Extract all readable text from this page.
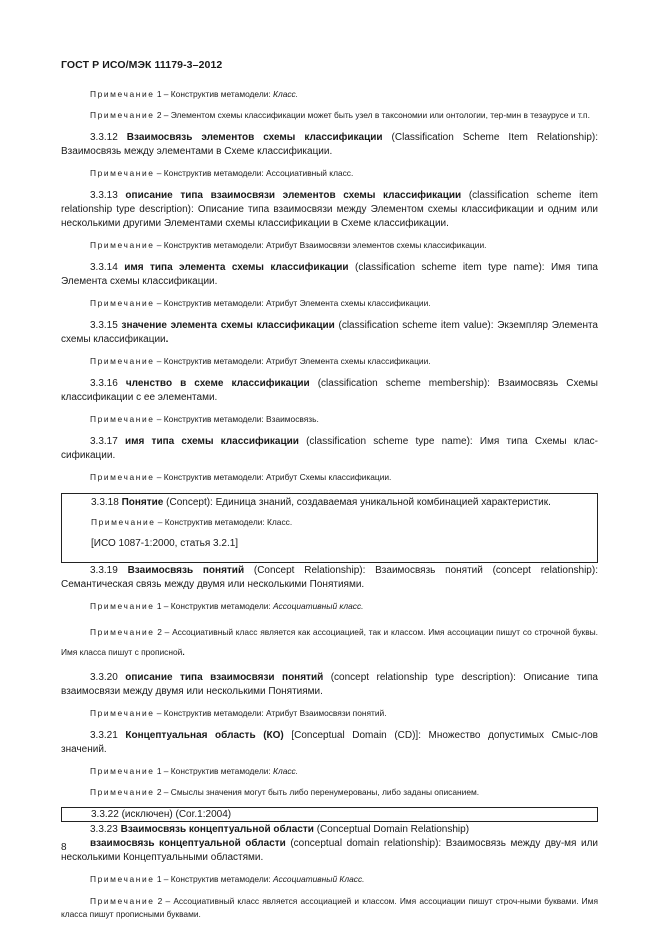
ГОСТ Р ИСО/МЭК 11179-3–2012

Примечание 1 – Конструктив метамодели: Класс.

Примечание 2 – Элементом схемы классификации может быть узел в таксономии или онтологии, тер-мин в тезаурусе и т.п.

3.3.12 Взаимосвязь элементов схемы классификации (Classification Scheme Item Relationship): Взаимосвязь между элементами в Схеме классификации.

Примечание – Конструктив метамодели: Ассоциативный класс.

3.3.13 описание типа взаимосвязи элементов схемы классификации (classification scheme item relationship type description): Описание типа взаимосвязи между Элементом схемы классификации и одним или несколькими другими Элементами схемы классификации в Схеме классификации.

Примечание – Конструктив метамодели: Атрибут Взаимосвязи элементов схемы классификации.

3.3.14 имя типа элемента схемы классификации (classification scheme item type name): Имя типа Элемента схемы классификации.

Примечание – Конструктив метамодели: Атрибут Элемента схемы классификации.

3.3.15 значение элемента схемы классификации (classification scheme item value): Экземпляр Элемента схемы классификации.

Примечание – Конструктив метамодели: Атрибут Элемента схемы классификации.

3.3.16 членство в схеме классификации (classification scheme membership): Взаимосвязь Схемы классификации с ее элементами.

Примечание – Конструктив метамодели: Взаимосвязь.

3.3.17 имя типа схемы классификации (classification scheme type name): Имя типа Схемы клас-сификации.

Примечание – Конструктив метамодели: Атрибут Схемы классификации.

3.3.18 Понятие (Concept): Единица знаний, создаваемая уникальной комбинацией характеристик.

Примечание – Конструктив метамодели: Класс.

[ИСО 1087-1:2000, статья 3.2.1]

3.3.19 Взаимосвязь понятий (Concept Relationship): Взаимосвязь понятий (concept relationship): Семантическая связь между двумя или несколькими Понятиями.

Примечание 1 – Конструктив метамодели: Ассоциативный класс.

Примечание 2 – Ассоциативный класс является как ассоциацией, так и классом. Имя ассоциации пишут со строчной буквы. Имя класса пишут с прописной.

3.3.20 описание типа взаимосвязи понятий (concept relationship type description): Описание типа взаимосвязи между двумя или несколькими Понятиями.

Примечание – Конструктив метамодели: Атрибут Взаимосвязи понятий.

3.3.21 Концептуальная область (КО) [Conceptual Domain (CD)]: Множество допустимых Смыс-лов значений.

Примечание 1 – Конструктив метамодели: Класс.

Примечание 2 – Смыслы значения могут быть либо перенумерованы, либо заданы описанием.

3.3.22 (исключен) (Cor.1:2004)

3.3.23 Взаимосвязь концептуальной области (Conceptual Domain Relationship)

взаимосвязь концептуальной области (conceptual domain relationship): Взаимосвязь между дву-мя или несколькими Концептуальными областями.

Примечание 1 – Конструктив метамодели: Ассоциативный Класс.

Примечание 2 – Ассоциативный класс является ассоциацией и классом. Имя ассоциации пишут строч-ными буквами. Имя класса пишут прописными буквами.

8
